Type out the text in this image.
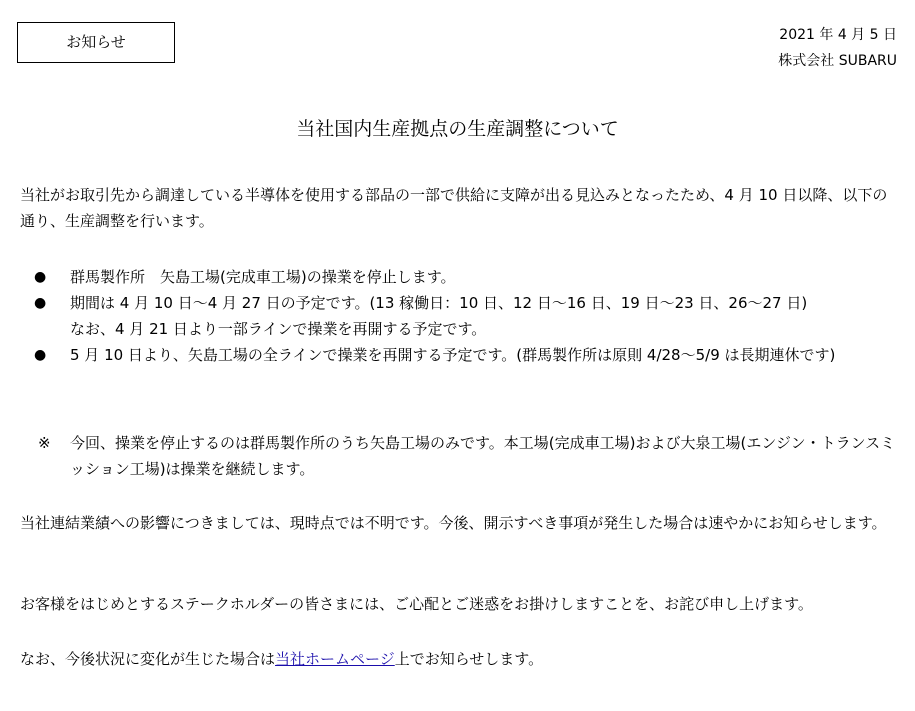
お知らせ	2021 年 4 月 5 日
株式会社 SUBARU
当社国内生産拠点の生産調整について

当社がお取引先から調達している半導体を使用する部品の一部で供給に支障が出る見込みとなったため、4 月 10 日以降、以下の通り、生産調整を行います。

● 群馬製作所　矢島工場(完成車工場)の操業を停止します。
● 期間は 4 月 10 日～4 月 27 日の予定です。(13 稼働日：10 日、12 日～16 日、19 日～23 日、26～27 日)
なお、4 月 21 日より一部ラインで操業を再開する予定です。
● 5 月 10 日より、矢島工場の全ラインで操業を再開する予定です。(群馬製作所は原則 4/28～5/9 は長期連休です)
※ 今回、操業を停止するのは群馬製作所のうち矢島工場のみです。本工場(完成車工場)および大泉工場(エンジン・トランスミッション工場)は操業を継続します。

当社連結業績への影響につきましては、現時点では不明です。今後、開示すべき事項が発生した場合は速やかにお知らせします。

お客様をはじめとするステークホルダーの皆さまには、ご心配とご迷惑をお掛けしますことを、お詫び申し上げます。

なお、今後状況に変化が生じた場合は当社ホームページ上でお知らせします。
